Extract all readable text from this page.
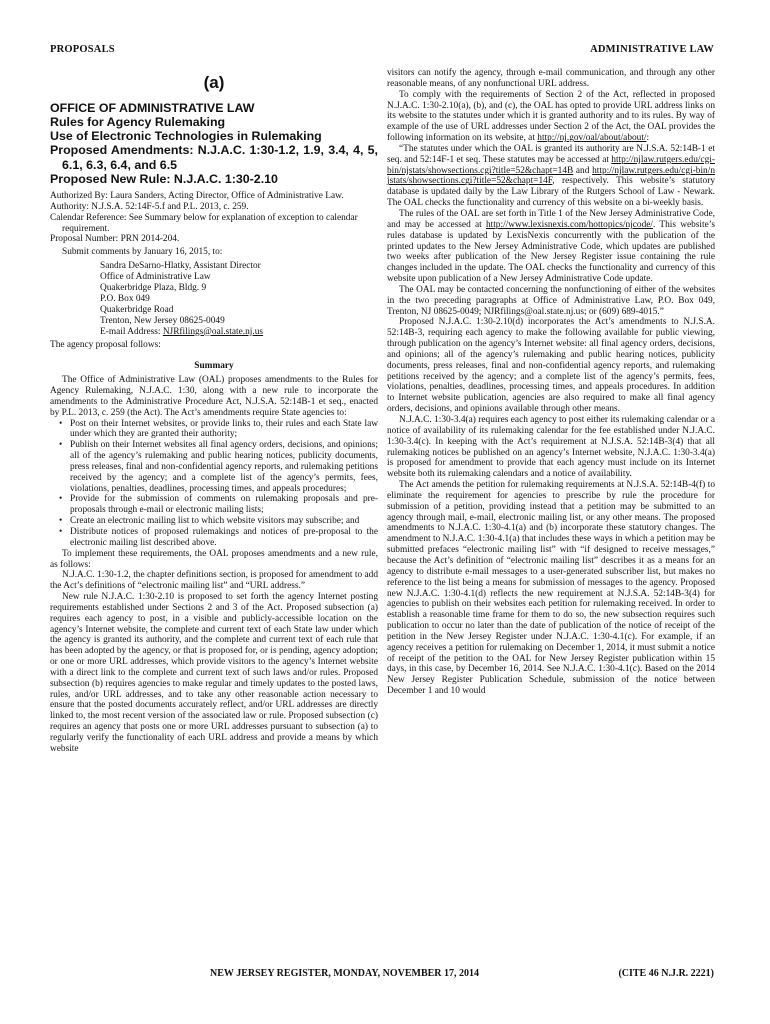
PROPOSALS	ADMINISTRATIVE LAW
(a)

OFFICE OF ADMINISTRATIVE LAW

Rules for Agency Rulemaking

Use of Electronic Technologies in Rulemaking

Proposed Amendments: N.J.A.C. 1:30-1.2, 1.9, 3.4, 4, 5, 6.1, 6.3, 6.4, and 6.5

Proposed New Rule: N.J.A.C. 1:30-2.10

Authorized By: Laura Sanders, Acting Director, Office of Administrative Law.

Authority: N.J.S.A. 52:14F-5.f and P.L. 2013, c. 259.

Calendar Reference: See Summary below for explanation of exception to calendar requirement.

Proposal Number: PRN 2014-204.

Submit comments by January 16, 2015, to:

Sandra DeSarno-Hlatky, Assistant Director
Office of Administrative Law
Quakerbridge Plaza, Bldg. 9
P.O. Box 049
Quakerbridge Road
Trenton, New Jersey 08625-0049
E-mail Address: NJRfilings@oal.state.nj.us

The agency proposal follows:

Summary

The Office of Administrative Law (OAL) proposes amendments to the Rules for Agency Rulemaking, N.J.A.C. 1:30, along with a new rule to incorporate the amendments to the Administrative Procedure Act, N.J.S.A. 52:14B-1 et seq., enacted by P.L. 2013, c. 259 (the Act). The Act’s amendments require State agencies to:

• Post on their Internet websites, or provide links to, their rules and each State law under which they are granted their authority;
• Publish on their Internet websites all final agency orders, decisions, and opinions; all of the agency’s rulemaking and public hearing notices, publicity documents, press releases, final and non-confidential agency reports, and rulemaking petitions received by the agency; and a complete list of the agency’s permits, fees, violations, penalties, deadlines, processing times, and appeals procedures;
• Provide for the submission of comments on rulemaking proposals and pre-proposals through e-mail or electronic mailing lists;
• Create an electronic mailing list to which website visitors may subscribe; and
• Distribute notices of proposed rulemakings and notices of pre-proposal to the electronic mailing list described above.

To implement these requirements, the OAL proposes amendments and a new rule, as follows:

N.J.A.C. 1:30-1.2, the chapter definitions section, is proposed for amendment to add the Act’s definitions of “electronic mailing list” and “URL address.”

New rule N.J.A.C. 1:30-2.10 is proposed to set forth the agency Internet posting requirements established under Sections 2 and 3 of the Act. Proposed subsection (a) requires each agency to post, in a visible and publicly-accessible location on the agency’s Internet website, the complete and current text of each State law under which the agency is granted its authority, and the complete and current text of each rule that has been adopted by the agency, or that is proposed for, or is pending, agency adoption; or one or more URL addresses, which provide visitors to the agency’s Internet website with a direct link to the complete and current text of such laws and/or rules. Proposed subsection (b) requires agencies to make regular and timely updates to the posted laws, rules, and/or URL addresses, and to take any other reasonable action necessary to ensure that the posted documents accurately reflect, and/or URL addresses are directly linked to, the most recent version of the associated law or rule. Proposed subsection (c) requires an agency that posts one or more URL addresses pursuant to subsection (a) to regularly verify the functionality of each URL address and provide a means by which website

visitors can notify the agency, through e-mail communication, and through any other reasonable means, of any nonfunctional URL address.

To comply with the requirements of Section 2 of the Act, reflected in proposed N.J.A.C. 1:30-2.10(a), (b), and (c), the OAL has opted to provide URL address links on its website to the statutes under which it is granted authority and to its rules. By way of example of the use of URL addresses under Section 2 of the Act, the OAL provides the following information on its website, at http://nj.gov/oal/about/about/:

“The statutes under which the OAL is granted its authority are N.J.S.A. 52:14B-1 et seq. and 52:14F-1 et seq. These statutes may be accessed at http://njlaw.rutgers.edu/cgi-bin/njstats/showsections.cgi?title=52&chapt=14B and http://njlaw.rutgers.edu/cgi-bin/njstats/showsections.cgi?title=52&chapt=14F, respectively. This website’s statutory database is updated daily by the Law Library of the Rutgers School of Law - Newark. The OAL checks the functionality and currency of this website on a bi-weekly basis.

The rules of the OAL are set forth in Title 1 of the New Jersey Administrative Code, and may be accessed at http://www.lexisnexis.com/hottopics/njcode/. This website’s rules database is updated by LexisNexis concurrently with the publication of the printed updates to the New Jersey Administrative Code, which updates are published two weeks after publication of the New Jersey Register issue containing the rule changes included in the update. The OAL checks the functionality and currency of this website upon publication of a New Jersey Administrative Code update.

The OAL may be contacted concerning the nonfunctioning of either of the websites in the two preceding paragraphs at Office of Administrative Law, P.O. Box 049, Trenton, NJ 08625-0049; NJRfilings@oal.state.nj.us; or (609) 689-4015.”

Proposed N.J.A.C. 1:30-2.10(d) incorporates the Act’s amendments to N.J.S.A. 52:14B-3, requiring each agency to make the following available for public viewing, through publication on the agency’s Internet website: all final agency orders, decisions, and opinions; all of the agency’s rulemaking and public hearing notices, publicity documents, press releases, final and non-confidential agency reports, and rulemaking petitions received by the agency; and a complete list of the agency’s permits, fees, violations, penalties, deadlines, processing times, and appeals procedures. In addition to Internet website publication, agencies are also required to make all final agency orders, decisions, and opinions available through other means.

N.J.A.C. 1:30-3.4(a) requires each agency to post either its rulemaking calendar or a notice of availability of its rulemaking calendar for the fee established under N.J.A.C. 1:30-3.4(c). In keeping with the Act’s requirement at N.J.S.A. 52:14B-3(4) that all rulemaking notices be published on an agency’s Internet website, N.J.A.C. 1:30-3.4(a) is proposed for amendment to provide that each agency must include on its Internet website both its rulemaking calendars and a notice of availability.

The Act amends the petition for rulemaking requirements at N.J.S.A. 52:14B-4(f) to eliminate the requirement for agencies to prescribe by rule the procedure for submission of a petition, providing instead that a petition may be submitted to an agency through mail, e-mail, electronic mailing list, or any other means. The proposed amendments to N.J.A.C. 1:30-4.1(a) and (b) incorporate these statutory changes. The amendment to N.J.A.C. 1:30-4.1(a) that includes these ways in which a petition may be submitted prefaces “electronic mailing list” with “if designed to receive messages,” because the Act’s definition of “electronic mailing list” describes it as a means for an agency to distribute e-mail messages to a user-generated subscriber list, but makes no reference to the list being a means for submission of messages to the agency. Proposed new N.J.A.C. 1:30-4.1(d) reflects the new requirement at N.J.S.A. 52:14B-3(4) for agencies to publish on their websites each petition for rulemaking received. In order to establish a reasonable time frame for them to do so, the new subsection requires such publication to occur no later than the date of publication of the notice of receipt of the petition in the New Jersey Register under N.J.A.C. 1:30-4.1(c). For example, if an agency receives a petition for rulemaking on December 1, 2014, it must submit a notice of receipt of the petition to the OAL for New Jersey Register publication within 15 days, in this case, by December 16, 2014. See N.J.A.C. 1:30-4.1(c). Based on the 2014 New Jersey Register Publication Schedule, submission of the notice between December 1 and 10 would

NEW JERSEY REGISTER, MONDAY, NOVEMBER 17, 2014	(CITE 46 N.J.R. 2221)
